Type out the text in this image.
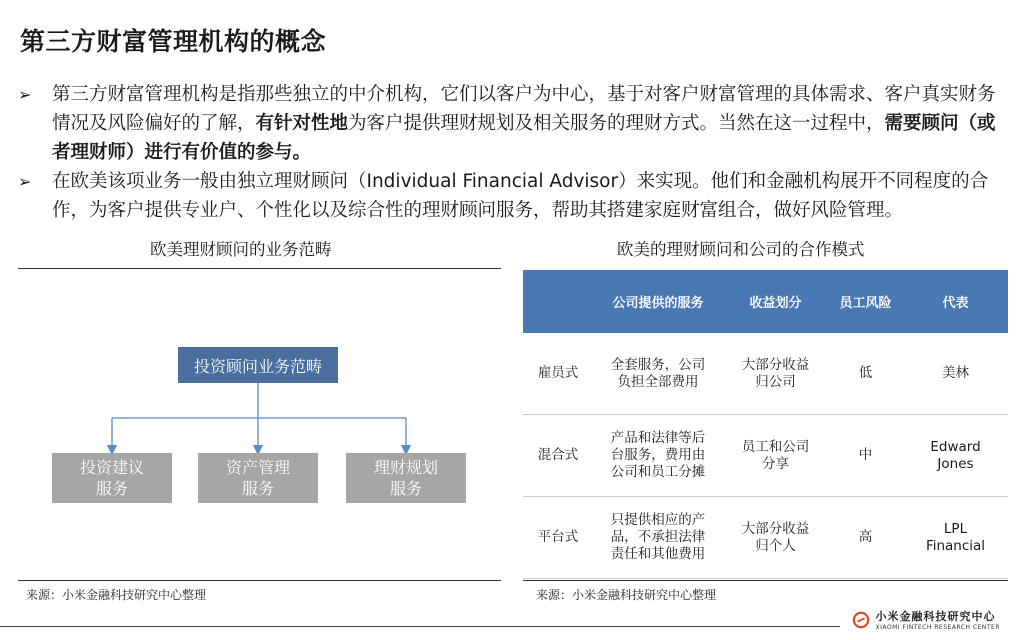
第三方财富管理机构的概念
➢ 第三方财富管理机构是指那些独立的中介机构，它们以客户为中心，基于对客户财富管理的具体需求、客户真实财务情况及风险偏好的了解，有针对性地为客户提供理财规划及相关服务的理财方式。当然在这一过程中，需要顾问（或者理财师）进行有价值的参与。
➢ 在欧美该项业务一般由独立理财顾问（Individual Financial Advisor）来实现。他们和金融机构展开不同程度的合作，为客户提供专业户、个性化以及综合性的理财顾问服务，帮助其搭建家庭财富组合，做好风险管理。
欧美理财顾问的业务范畴	欧美的理财顾问和公司的合作模式
投资顾问业务范畴
投资建议
服务
资产管理
服务
理财规划
服务
	公司提供的服务	收益划分	员工风险	代表
雇员式	全套服务，公司负担全部费用	大部分收益归公司	低	美林
混合式	产品和法律等后台服务，费用由公司和员工分摊	员工和公司分享	中	Edward Jones

平台式	只提供相应的产品，不承担法律责任和其他费用	大部分收益归个人	高	LPL Financial
来源：小米金融科技研究中心整理	来源：小米金融科技研究中心整理
小米金融科技研究中心
XIAOMI FINTECH RESEARCH CENTER
